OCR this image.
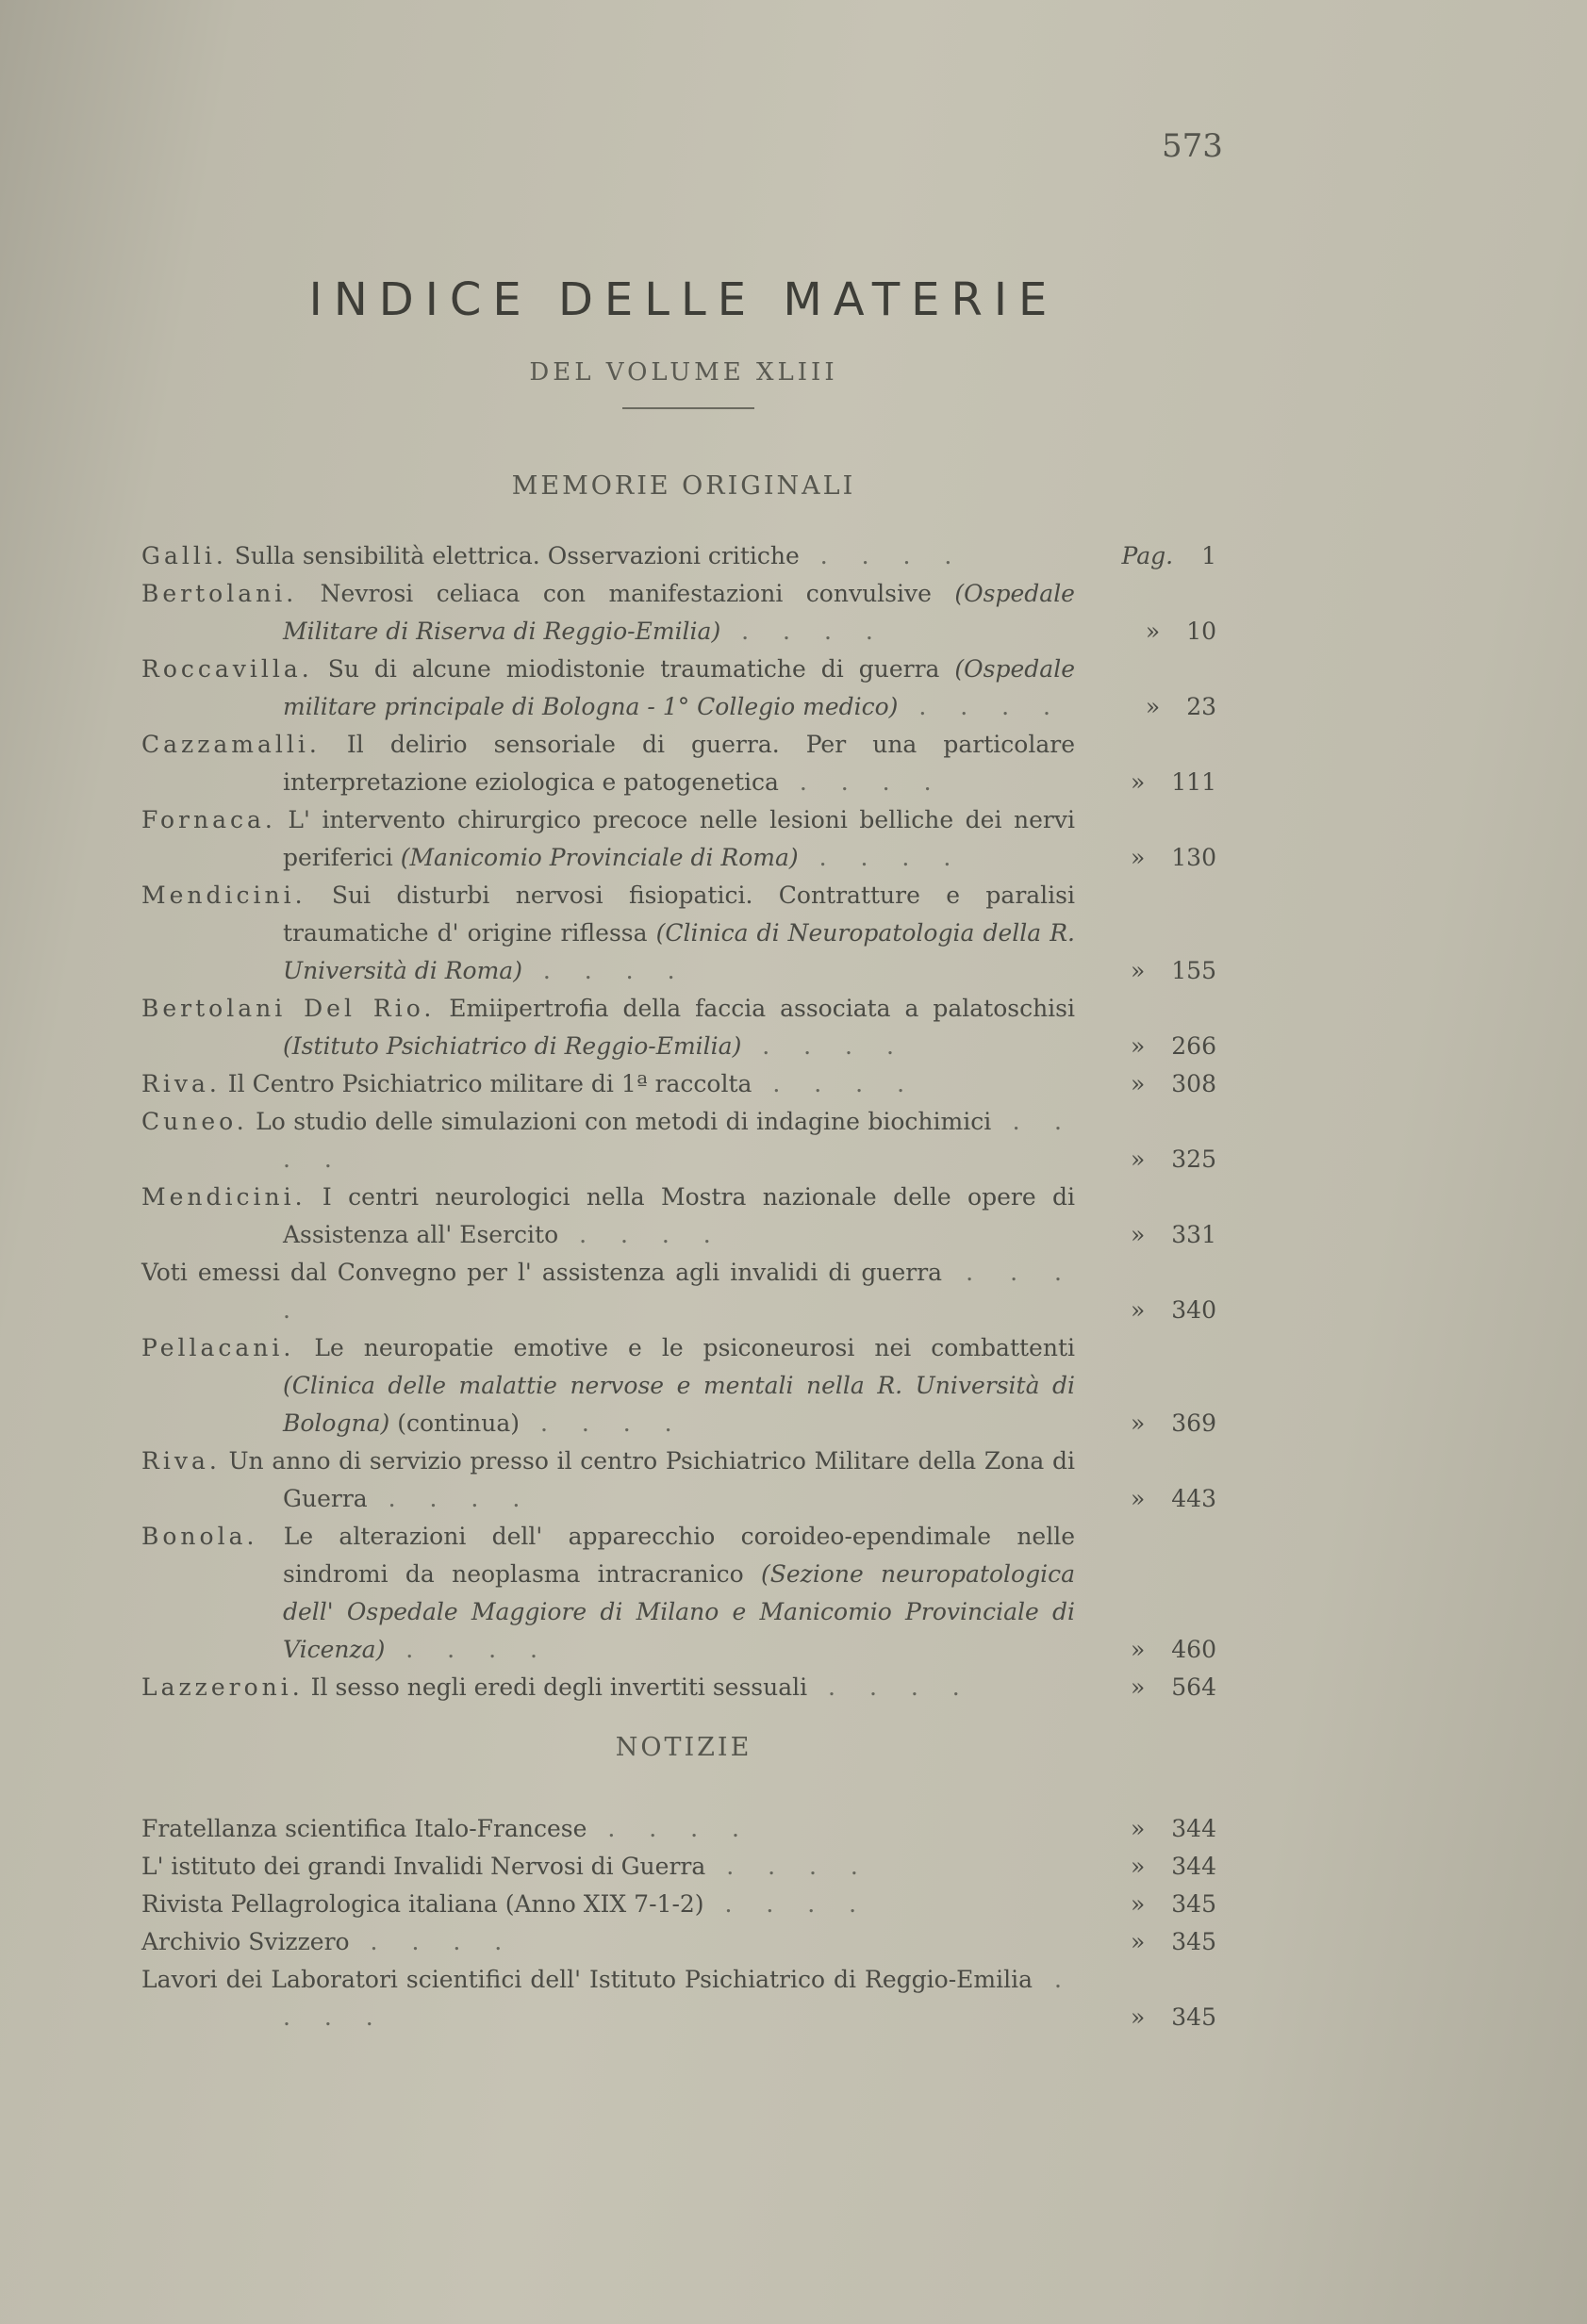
573
INDICE DELLE MATERIE
DEL VOLUME XLIII
MEMORIE ORIGINALI
Galli. Sulla sensibilità elettrica. Osservazioni critiche . . . .	Pag. 1
Bertolani. Nevrosi celiaca con manifestazioni convulsive (Ospedale Militare di Riserva di Reggio-Emilia) . . . .	» 10
Roccavilla. Su di alcune miodistonie traumatiche di guerra (Ospedale militare principale di Bologna - 1° Collegio medico) . . . .	» 23
Cazzamalli. Il delirio sensoriale di guerra. Per una particolare interpretazione eziologica e patogenetica . . . .	» 111
Fornaca. L' intervento chirurgico precoce nelle lesioni belliche dei nervi periferici (Manicomio Provinciale di Roma) . . . .	» 130
Mendicini. Sui disturbi nervosi fisiopatici. Contratture e paralisi traumatiche d' origine riflessa (Clinica di Neuropatologia della R. Università di Roma) . . . .	» 155
Bertolani Del Rio. Emiipertrofia della faccia associata a palatoschisi (Istituto Psichiatrico di Reggio-Emilia) . . . .	» 266
Riva. Il Centro Psichiatrico militare di 1ª raccolta . . . .	» 308
Cuneo. Lo studio delle simulazioni con metodi di indagine biochimici . . . .	» 325
Mendicini. I centri neurologici nella Mostra nazionale delle opere di Assistenza all' Esercito . . . .	» 331
Voti emessi dal Convegno per l' assistenza agli invalidi di guerra . . . .	» 340
Pellacani. Le neuropatie emotive e le psiconeurosi nei combattenti (Clinica delle malattie nervose e mentali nella R. Università di Bologna) (continua) . . . .	» 369
Riva. Un anno di servizio presso il centro Psichiatrico Militare della Zona di Guerra . . . .	» 443
Bonola. Le alterazioni dell' apparecchio coroideo-ependimale nelle sindromi da neoplasma intracranico (Sezione neuropatologica dell' Ospedale Maggiore di Milano e Manicomio Provinciale di Vicenza) . . . .	» 460
Lazzeroni. Il sesso negli eredi degli invertiti sessuali . . . .	» 564
NOTIZIE
Fratellanza scientifica Italo-Francese . . . .	» 344
L' istituto dei grandi Invalidi Nervosi di Guerra . . . .	» 344
Rivista Pellagrologica italiana (Anno XIX 7-1-2) . . . .	» 345
Archivio Svizzero . . . .	» 345
Lavori dei Laboratori scientifici dell' Istituto Psichiatrico di Reggio-Emilia . . . .	» 345
